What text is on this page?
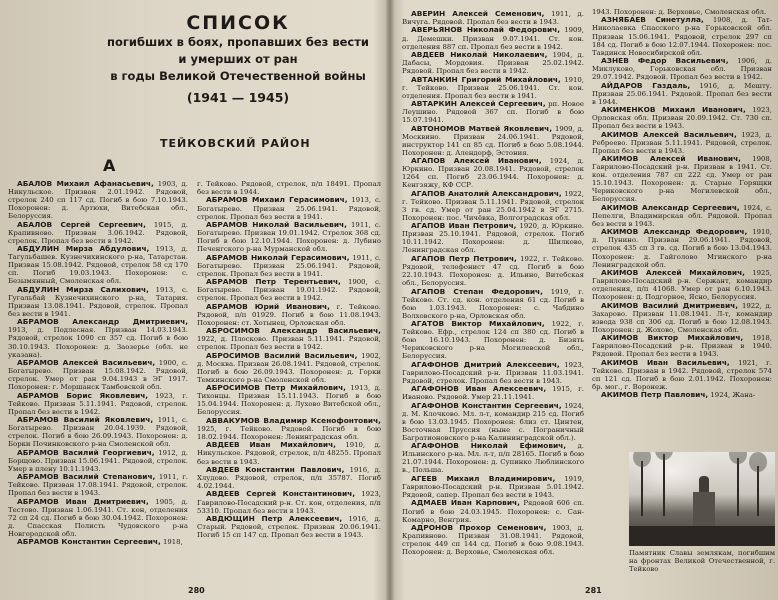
СПИСОК
погибших в боях, пропавших без вести
и умерших от ран
в годы Великой Отечественной войны
(1941 — 1945)
ТЕЙКОВСКИЙ РАЙОН
А

АБАЛОВ Михаил Афанасьевич, 1903, д. Никульское. Призван 2.01.1942. Рядовой, стрелок 240 сп 117 сд. Погиб в бою 7.10.1943. Похоронен: д. Артюхи, Витебская обл., Белоруссия.

АБАЛОВ Сергей Сергеевич, 1915, д. Крапивново. Призван 3.06.1942. Рядовой, стрелок. Пропал без вести в 1942.

АБДУЛИН Мирза Абдулович, 1913, д. Тагульбашев. Кузнечихинского р-на, Татарстан. Призван 15.08.1942. Рядовой, стрелок 58 сд 170 сп. Погиб 19.03.1943. Похоронен: с. Безымянный, Смоленская обл.

АБДУЛИН Мирза Салихович, 1913, с. Гугальбай Кузнечихинского р-на, Татария. Призван 13.08.1941. Рядовой, стрелок. Пропал без вести в 1941.

АБРАМОВ Александр Дмитриевич, 1913, д. Подлесная. Призван 14.03.1943. Рядовой, стрелок 1090 сп 357 сд. Погиб в бою 30.10.1943. Похоронен: д. Заозерье (обл. не указана).

АБРАМОВ Алексей Васильевич, 1900, с. Богатырево. Призван 15.08.1942. Рядовой, стрелок. Умер от ран 9.04.1943 в ЭГ 1917. Похоронен: г. Моршанск Тамбовской обл.

АБРАМОВ Борис Яковлевич, 1923, г. Тейково. Призван 5.11.1941. Рядовой, стрелок. Пропал без вести в 1942.

АБРАМОВ Василий Яковлевич, 1911, с. Богатырево. Призван 20.04.1939. Рядовой, стрелок. Погиб в бою 26.09.1943. Похоронен: д. Борки Починковского р-на Смоленской обл.

АБРАМОВ Василий Георгиевич, 1912, д. Борщово. Призван 15.06.1941. Рядовой, стрелок. Умер в плену 10.11.1943.

АБРАМОВ Василий Степанович, 1911, г. Тейково. Призван 17.08.1941. Рядовой, стрелок. Пропал без вести в 1943.

АБРАМОВ Иван Дмитриевич, 1905, д. Тестово. Призван 1.06.1941. Ст. кон, отделения 72 сп 24 сд. Погиб в бою 30.04.1942. Похоронен: д. Спасская Полисть Чудовского р-на Новгородской обл.

АБРАМОВ Константин Сергеевич, 1918,

г. Тейково. Рядовой, стрелок, п/п 18491. Пропал без вести в 1944.

АБРАМОВ Михаил Герасимович, 1913, с. Богатырево. Призван 25.06.1941. Рядовой, стрелок. Пропал без вести в 1941.

АБРАМОВ Николай Васильевич, 1911, с. Богатырево. Призван 19.01.1942. Стрелок 368 сд. Погиб в бою 12.10.1944. Похоронен: д. Лубино Печенгского р-на Мурманской обл.

АБРАМОВ Николай Герасимович, 1911, с. Богатырево. Призван 25.06.1941. Рядовой, стрелок. Пропал без вести в 1941.

АБРАМОВ Петр Терентьевич, 1900, с. Богатырево. Призван 19.01.1942. Рядовой, стрелок. Пропал без вести в 1942.

АБРАМОВ Юрий Иванович, г. Тейково. Рядовой, п/п 01929. Погиб в бою 11.08.1943. Похоронен: ст. Хотынец, Орловская обл.

АБРОСИМОВ Александр Васильевич, 1922, д. Плосково. Призван 5.11.1941. Рядовой, стрелок. Пропал без вести в 1942.

АБРОСИМОВ Василий Васильевич, 1902, д. Москва. Призван 26.08.1941. Рядовой, стрелок. Погиб в бою 26.09.1943. Похоронен: д. Горки Темкинского р-на Смоленской обл.

АБРОСИМОВ Петр Михайлович, 1913, д. Тихонцы. Призван 15.11.1943. Погиб в бою 15.04.1944. Похоронен: д. Лухово Витебской обл., Белоруссия.

АВВАКУМОВ Владимир Ксенофонтович, 1925, г. Тейково. Рядовой. Погиб в бою 18.02.1944. Похоронен: Ленинградская обл.

АВДЕЕВ Иван Михайлович, 1910, д. Никульское. Рядовой, стрелок, п/п 48255. Пропал без вести в 1943.

АВДЕЕВ Константин Павлович, 1916, д. Хлудово. Рядовой, стрелок, п/п 35787. Погиб 4.02.1944.

АВДЕЕВ Сергей Константинович, 1923, Гаврилово-Посадский р-н. Ст. кон, отделения, п/п 53310. Пропал без вести в 1943.

АВДЮЩИН Петр Алексеевич, 1916, д. Старый. Рядовой, стрелок. Призван 20.06.1941. Погиб 15 сп 147 сд. Пропал без вести в 1943.

280

АВЕРИН Алексей Семенович, 1911, д. Вичуга. Рядовой. Пропал без вести в 1943.

АВЕРЬЯНОВ Николай Федорович, 1909, д. Демешки. Призван 9.07.1941. Ст. кон. отделения 887 сп. Пропал без вести в 1942.

АВДЕЕВ Николай Николаевич, 1904, д. Дабасы, Мордовия. Призван 25.02.1942. Рядовой. Пропал без вести в 1942.

АВТАНКИН Григорий Михайлович, 1910, г. Тейково. Призван 25.06.1941. Ст. кон. отделения. Пропал без вести в 1941.

АВТАРКИН Алексей Сергеевич, рп. Новое Леушино. Рядовой 367 сп. Погиб в бою 15.07.1941.

АВТОНОМОВ Матвей Яковлевич, 1909, д. Москвино. Призван 24.06.1941. Рядовой, инструктор 141 сп 85 сд. Погиб в бою 5.08.1944. Похоронен: д. Алендорф, Эстония.

АГАПОВ Алексей Иванович, 1924, д. Юркино. Призван 20.08.1941. Рядовой, стрелок 1264 сп. Погиб 23.06.1944. Похоронен: д. Кенгзяжу, КФ ССР.

АГАПОВ Анатолий Александрович, 1922, г. Тейково. Призван 5.11.1941. Рядовой, стрелок 3 гв. сд. Умер от ран 25.04.1942 в ЭГ 2715. Похоронен: пос. Чичёвка, Волгоградская обл.

АГАПОВ Иван Петрович, 1920, д. Юркино. Призван 25.10.1941. Рядовой, стрелок. Погиб 10.11.1942. Похоронен: д. Шилково, Ленинградская обл.

АГАПОВ Петр Петрович, 1922, г. Тейково. Рядовой, телефонист 47 сд. Погиб в бою 22.10.1943. Похоронен: д. Ильино, Витебская обл., Белоруссия.

АГАПОВ Степан Федорович, 1919, г. Тейково. Ст. сд. кон. отделения 61 сд. Погиб в бою 1.03.1943. Похоронен: с. Чабдино Волховского р-на, Орловская обл.

АГАТОВ Виктор Михайлович, 1922, г. Тейково. Ефр., стрелок 124 сп 380 сд. Погиб в бою 16.10.1943. Похоронен: д. Бизять Чериковского р-на Могилевской обл., Белоруссия.

АГАФОНОВ Дмитрий Алексеевич, 1923, Гаврилово-Посадский р-н. Призван 11.03.1941. Рядовой, стрелок. Пропал без вести в 1943.

АГАФОНОВ Иван Алексеевич, 1915, г. Иваново. Рядовой. Умер 21.11.1941.

АГАФОНОВ Константин Сергеевич, 1924, д. М. Клочково. Мл. л-т, командир 215 сд. Погиб в бою 13.03.1945. Похоронен: близ ст. Цинтен, Восточная Пруссия (ныне с. Пограничный Багратионовского р-на Калининградской обл.).

АГАФОНОВ Николай Ефимович, д. Ильинского р-на. Мл. л-т, п/п 28165. Погиб в бою 21.07.1944. Похоронен: д. Супинко Люблинского в., Польша.

АГЕЕВ Михаил Владимирович, 1919, Гаврилово-Посадский р-н. Призван 5.01.1942. Рядовой, сапер. Пропал без вести в 1943.

АДМАЕВ Иван Карпович, Рядовой 606 сп. Погиб в бою 24.03.1945. Похоронен: с. Сан-Комарно, Венгрия.

АДРОНОВ Прохор Семенович, 1903, д. Крапивново. Призван 31.08.1941. Рядовой, стрелок 449 сп 144 сд. Погиб в бою 9.08.1943. Похоронен: д. Верховье, Смоленская обл.

1943. Похоронен: д. Верховье, Смоленская обл.

АЗНЯБАЕВ Синетулла, 1908, д. Тат-Николаевка Спасского р-на Горьковской обл. Призван 15.06.1941. Рядовой, стрелок 297 сп 184 сд. Погиб в бою 12.07.1944. Похоронен: пос. Тавдинск Новосибирской обл.

АЗНЕВ Федор Васильевич, 1906, д. Миклуково, Горьковская обл. Призван 29.07.1942. Рядовой. Пропал без вести в 1942.

АЙДАРОВ Газдаль, 1916, д. Мешту. Призван 25.06.1941. Рядовой. Пропал без вести в 1944.

АКИМЕНКОВ Михаил Иванович, 1923, Орловская обл. Призван 20.09.1942. Ст. 730 сп. Пропал без вести в 1943.

АКИМОВ Алексей Васильевич, 1923, д. Ребреево. Призван 5.11.1941. Рядовой, стрелок. Пропал без вести в 1943.

АКИМОВ Алексей Иванович, 1908, Гаврилово-Посадский р-н. Призван в 1941. Ст. кон. отделения 787 сп 222 сд. Умер от ран 15.10.1943. Похоронен: д. Старые Горящки Чериковского р-на Могилевской обл., Белоруссия.

АКИМОВ Александр Сергеевич, 1924, с. Пепелги, Владимирская обл. Рядовой. Пропал без вести в 1943.

АКИМОВ Александр Федорович, 1910, д. Пунино. Призван 29.06.1941. Рядовой, стрелок 435 сп 3 гв. сд. Погиб в бою 13.04.1943. Похоронен: д. Гайголово Мгинского р-на Ленинградской обл.

АКИМОВ Алексей Михайлович, 1925, Гаврилово-Посадский р-н. Сержант, командир отделения, п/п 41068. Умер от ран 6.10.1943. Похоронен: д. Подгорное, Ясно, Белоруссия.

АКИМОВ Василий Дмитриевич, 1922, д. Захарово. Призван 11.08.1941. Л-т, командир взвода 938 сп 306 сд. Погиб в бою 12.08.1943. Похоронен: д. Жохово, Смоленская обл.

АКИМОВ Виктор Михайлович, 1918, Гаврилово-Посадский р-н. Призван в 1940. Рядовой. Пропал без вести в 1943.

АКИМОВ Иван Васильевич, 1921, г. Тейково. Призван в 1942. Рядовой, стрелок 574 сп 121 сд. Погиб в бою 2.01.1942. Похоронен: бр. мог., г. Воронеж.

АКИМОВ Петр Павлович, 1924, Жана-

Памятник Славы землякам, погибшим на фронтах Великой Отечественной, г. Тейково
281
